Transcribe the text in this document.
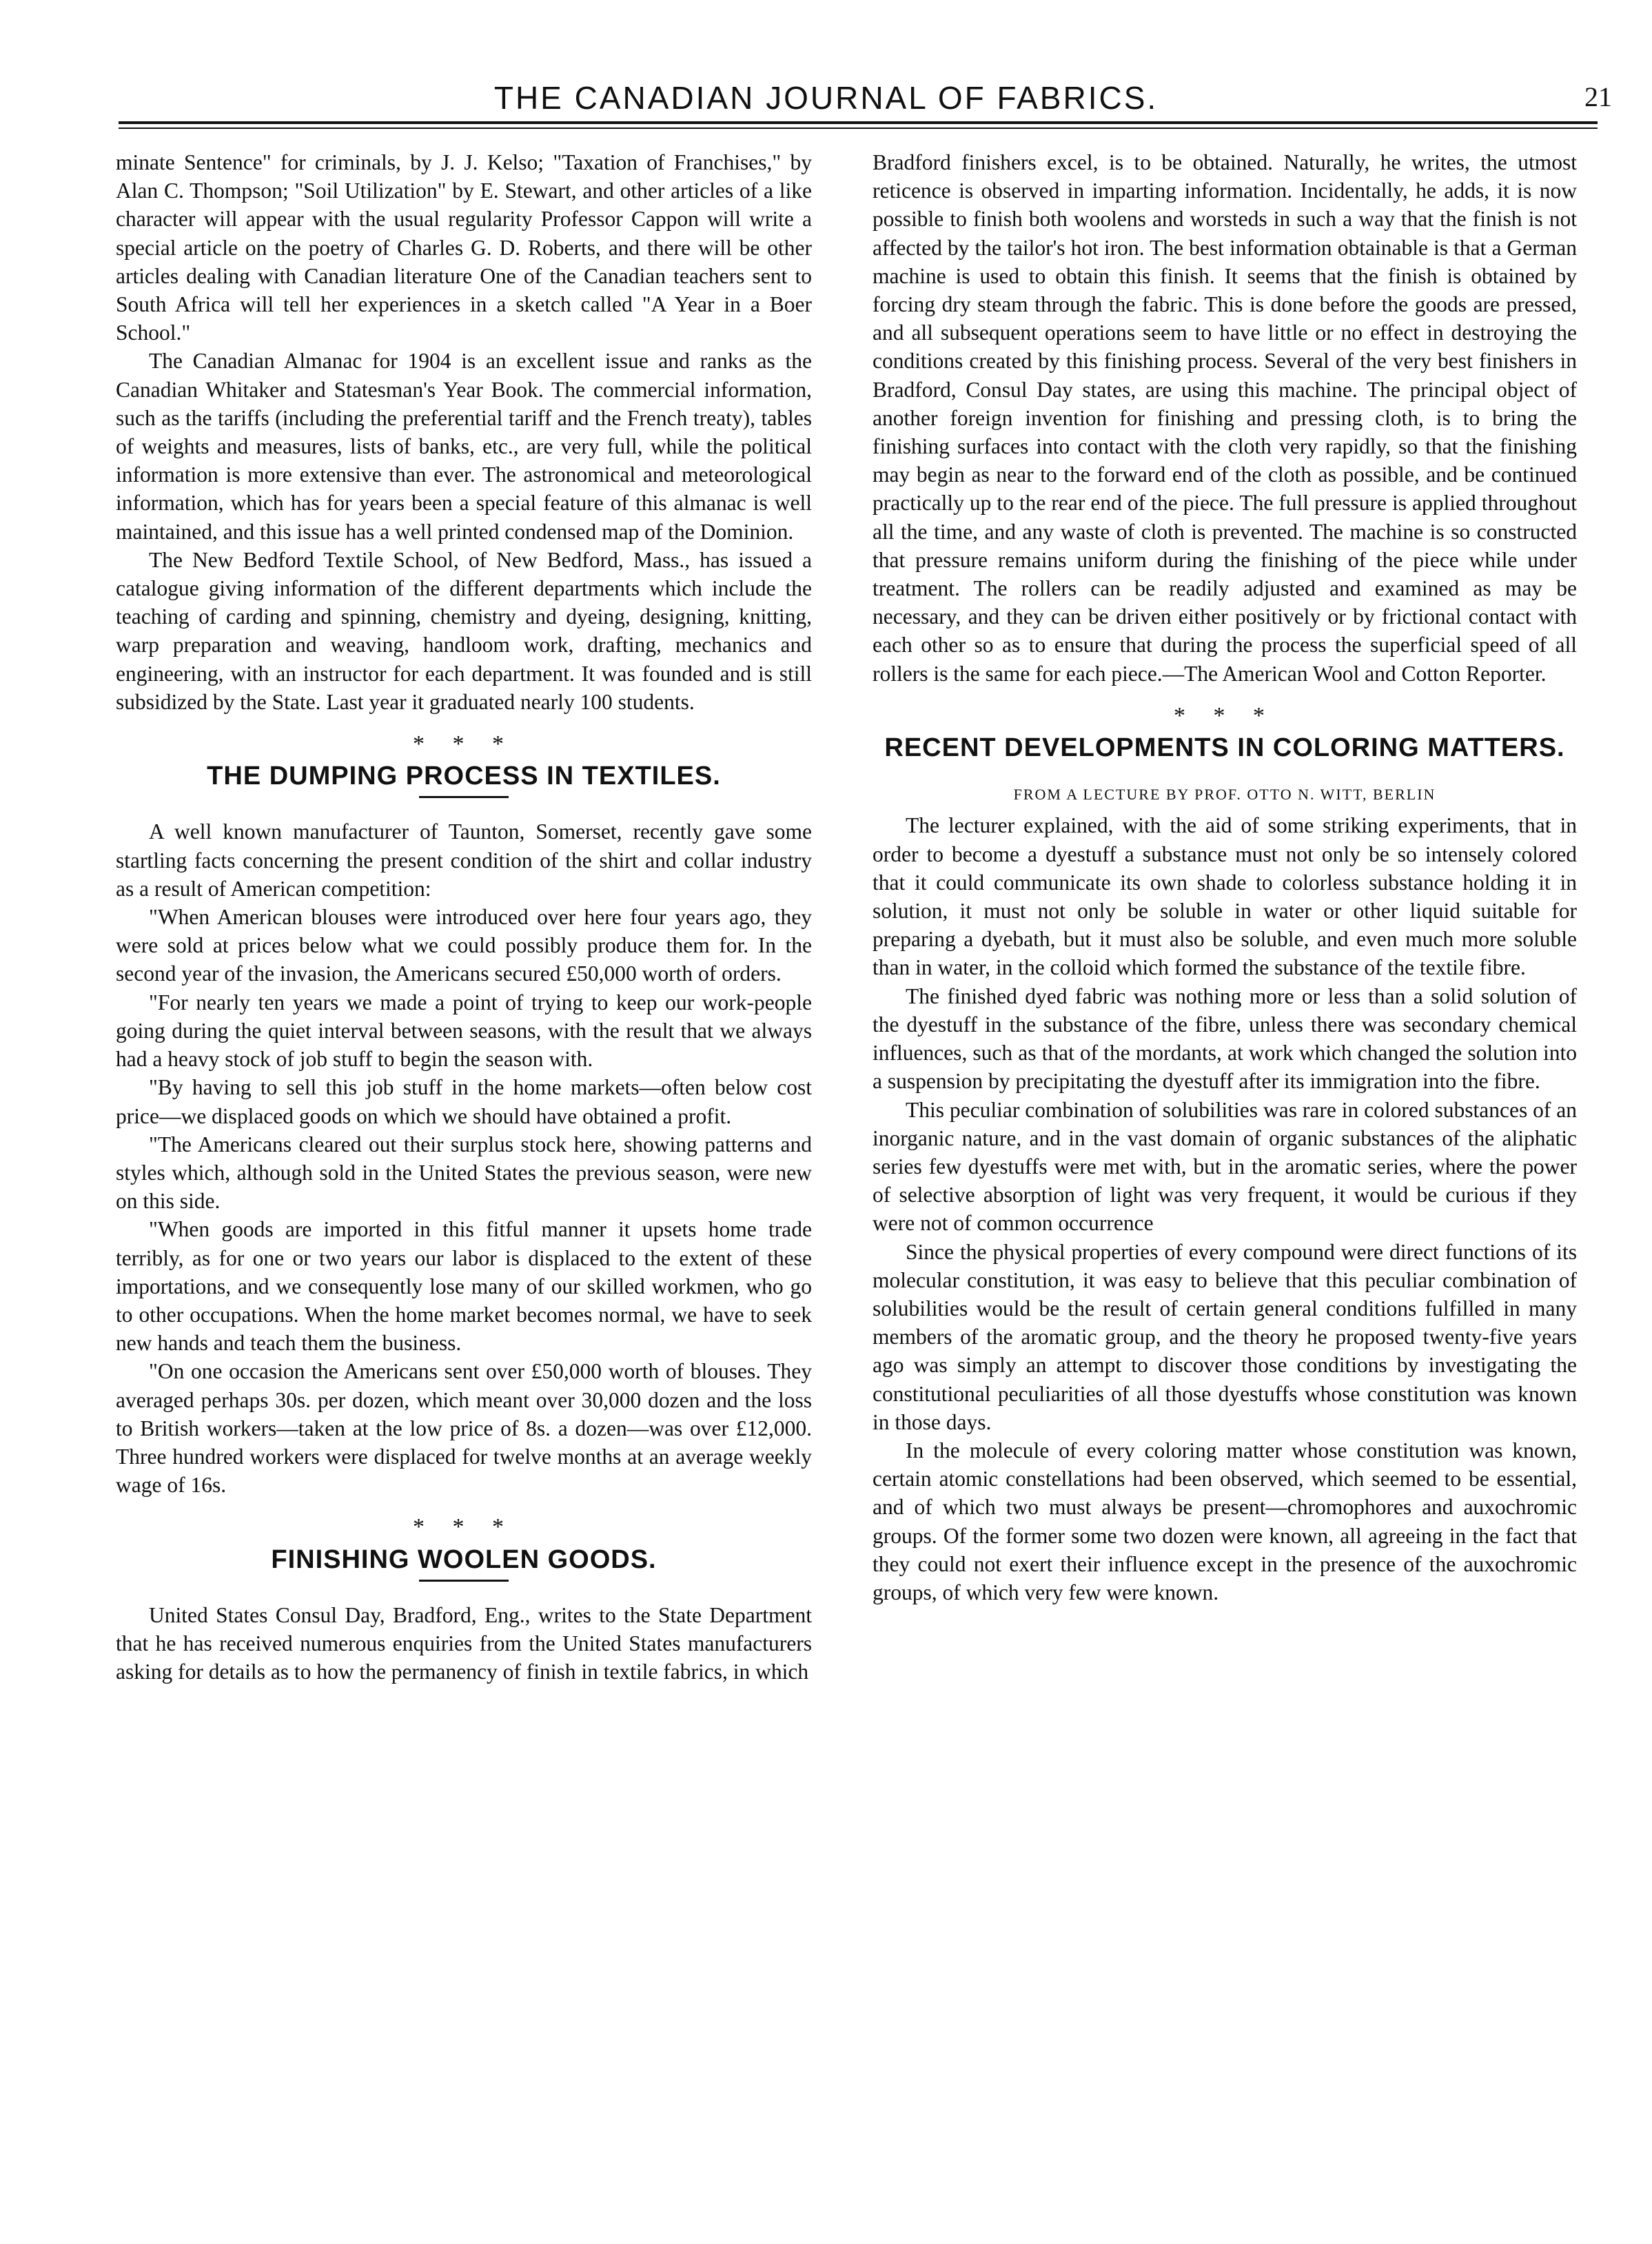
THE CANADIAN JOURNAL OF FABRICS.	21

minate Sentence" for criminals, by J. J. Kelso; "Taxation of Franchises," by Alan C. Thompson; "Soil Utilization" by E. Stewart, and other articles of a like character will appear with the usual regularity Professor Cappon will write a special article on the poetry of Charles G. D. Roberts, and there will be other articles dealing with Canadian literature One of the Canadian teachers sent to South Africa will tell her experiences in a sketch called "A Year in a Boer School."

The Canadian Almanac for 1904 is an excellent issue and ranks as the Canadian Whitaker and Statesman's Year Book. The commercial information, such as the tariffs (including the preferential tariff and the French treaty), tables of weights and measures, lists of banks, etc., are very full, while the political information is more extensive than ever. The astronomical and meteorological information, which has for years been a special feature of this almanac is well maintained, and this issue has a well printed condensed map of the Dominion.

The New Bedford Textile School, of New Bedford, Mass., has issued a catalogue giving information of the different departments which include the teaching of carding and spinning, chemistry and dyeing, designing, knitting, warp preparation and weaving, handloom work, drafting, mechanics and engineering, with an instructor for each department. It was founded and is still subsidized by the State. Last year it graduated nearly 100 students.

* * *
THE DUMPING PROCESS IN TEXTILES.

A well known manufacturer of Taunton, Somerset, recently gave some startling facts concerning the present condition of the shirt and collar industry as a result of American competition:

"When American blouses were introduced over here four years ago, they were sold at prices below what we could possibly produce them for. In the second year of the invasion, the Americans secured £50,000 worth of orders.

"For nearly ten years we made a point of trying to keep our work-people going during the quiet interval between seasons, with the result that we always had a heavy stock of job stuff to begin the season with.

"By having to sell this job stuff in the home markets—often below cost price—we displaced goods on which we should have obtained a profit.

"The Americans cleared out their surplus stock here, showing patterns and styles which, although sold in the United States the previous season, were new on this side.

"When goods are imported in this fitful manner it upsets home trade terribly, as for one or two years our labor is displaced to the extent of these importations, and we consequently lose many of our skilled workmen, who go to other occupations. When the home market becomes normal, we have to seek new hands and teach them the business.

"On one occasion the Americans sent over £50,000 worth of blouses. They averaged perhaps 30s. per dozen, which meant over 30,000 dozen and the loss to British workers—taken at the low price of 8s. a dozen—was over £12,000. Three hundred workers were displaced for twelve months at an average weekly wage of 16s.

* * *
FINISHING WOOLEN GOODS.

United States Consul Day, Bradford, Eng., writes to the State Department that he has received numerous enquiries from the United States manufacturers asking for details as to how the permanency of finish in textile fabrics, in which

Bradford finishers excel, is to be obtained. Naturally, he writes, the utmost reticence is observed in imparting information. Incidentally, he adds, it is now possible to finish both woolens and worsteds in such a way that the finish is not affected by the tailor's hot iron. The best information obtainable is that a German machine is used to obtain this finish. It seems that the finish is obtained by forcing dry steam through the fabric. This is done before the goods are pressed, and all subsequent operations seem to have little or no effect in destroying the conditions created by this finishing process. Several of the very best finishers in Bradford, Consul Day states, are using this machine. The principal object of another foreign invention for finishing and pressing cloth, is to bring the finishing surfaces into contact with the cloth very rapidly, so that the finishing may begin as near to the forward end of the cloth as possible, and be continued practically up to the rear end of the piece. The full pressure is applied throughout all the time, and any waste of cloth is prevented. The machine is so constructed that pressure remains uniform during the finishing of the piece while under treatment. The rollers can be readily adjusted and examined as may be necessary, and they can be driven either positively or by frictional contact with each other so as to ensure that during the process the superficial speed of all rollers is the same for each piece.—The American Wool and Cotton Reporter.

* * *
RECENT DEVELOPMENTS IN COLORING MATTERS.
FROM A LECTURE BY PROF. OTTO N. WITT, BERLIN

The lecturer explained, with the aid of some striking experiments, that in order to become a dyestuff a substance must not only be so intensely colored that it could communicate its own shade to colorless substance holding it in solution, it must not only be soluble in water or other liquid suitable for preparing a dyebath, but it must also be soluble, and even much more soluble than in water, in the colloid which formed the substance of the textile fibre.

The finished dyed fabric was nothing more or less than a solid solution of the dyestuff in the substance of the fibre, unless there was secondary chemical influences, such as that of the mordants, at work which changed the solution into a suspension by precipitating the dyestuff after its immigration into the fibre.

This peculiar combination of solubilities was rare in colored substances of an inorganic nature, and in the vast domain of organic substances of the aliphatic series few dyestuffs were met with, but in the aromatic series, where the power of selective absorption of light was very frequent, it would be curious if they were not of common occurrence

Since the physical properties of every compound were direct functions of its molecular constitution, it was easy to believe that this peculiar combination of solubilities would be the result of certain general conditions fulfilled in many members of the aromatic group, and the theory he proposed twenty-five years ago was simply an attempt to discover those conditions by investigating the constitutional peculiarities of all those dyestuffs whose constitution was known in those days.

In the molecule of every coloring matter whose constitution was known, certain atomic constellations had been observed, which seemed to be essential, and of which two must always be present—chromophores and auxochromic groups. Of the former some two dozen were known, all agreeing in the fact that they could not exert their influence except in the presence of the auxochromic groups, of which very few were known.
